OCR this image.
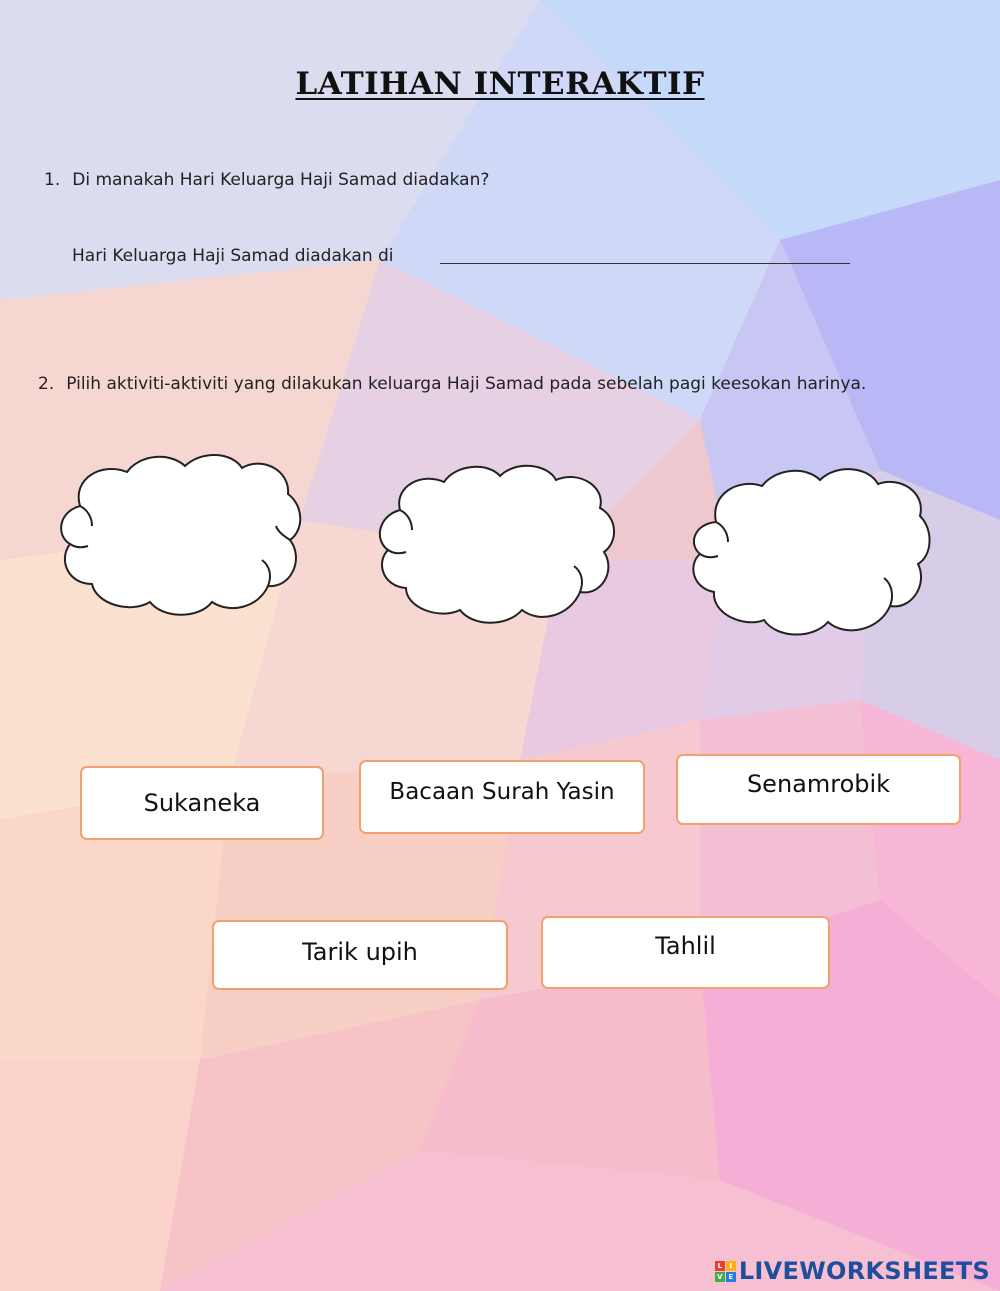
LATIHAN INTERAKTIF
1. Di manakah Hari Keluarga Haji Samad diadakan?
Hari Keluarga Haji Samad diadakan di
2. Pilih aktiviti-aktiviti yang dilakukan keluarga Haji Samad pada sebelah pagi keesokan harinya.
Sukaneka	Bacaan Surah Yasin	Senamrobik
Tarik upih	Tahlil
L	I
V E LIVEWORKSHEETS
